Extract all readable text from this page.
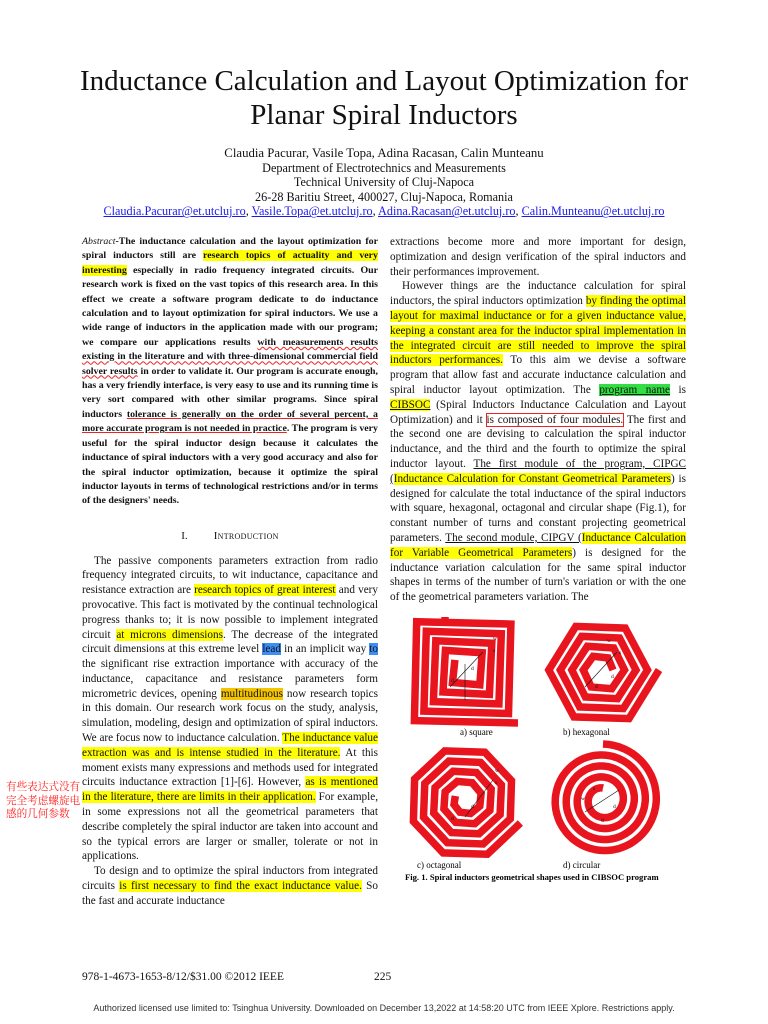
Inductance Calculation and Layout Optimization for Planar Spiral Inductors
Claudia Pacurar, Vasile Topa, Adina Racasan, Calin Munteanu
Department of Electrotechnics and Measurements
Technical University of Cluj-Napoca
26-28 Baritiu Street, 400027, Cluj-Napoca, Romania
Claudia.Pacurar@et.utcluj.ro, Vasile.Topa@et.utcluj.ro, Adina.Racasan@et.utcluj.ro, Calin.Munteanu@et.utcluj.ro

Abstract-The inductance calculation and the layout optimization for spiral inductors still are research topics of actuality and very interesting especially in radio frequency integrated circuits. Our research work is fixed on the vast topics of this research area. In this effect we create a software program dedicate to do inductance calculation and to layout optimization for spiral inductors. We use a wide range of inductors in the application made with our program; we compare our applications results with measurements results existing in the literature and with three-dimensional commercial field solver results in order to validate it. Our program is accurate enough, has a very friendly interface, is very easy to use and its running time is very sort compared with other similar programs. Since spiral inductors tolerance is generally on the order of several percent, a more accurate program is not needed in practice. The program is very useful for the spiral inductor design because it calculates the inductance of spiral inductors with a very good accuracy and also for the spiral inductor optimization, because it optimize the spiral inductor layouts in terms of technological restrictions and/or in terms of the designers' needs.

I. Introduction

The passive components parameters extraction from radio frequency integrated circuits, to wit inductance, capacitance and resistance extraction are research topics of great interest and very provocative. This fact is motivated by the continual technological progress thanks to; it is now possible to implement integrated circuit at microns dimensions. The decrease of the integrated circuit dimensions at this extreme level lead in an implicit way to the significant rise extraction importance with accuracy of the inductance, capacitance and resistance parameters form micrometric devices, opening multitudinous now research topics in this domain. Our research work focus on the study, analysis, simulation, modeling, design and optimization of spiral inductors. We are focus now to inductance calculation. The inductance value extraction was and is intense studied in the literature. At this moment exists many expressions and methods used for integrated circuits inductance extraction [1]-[6]. However, as is mentioned in the literature, there are limits in their application. For example, in some expressions not all the geometrical parameters that describe completely the spiral inductor are taken into account and so the typical errors are larger or smaller, tolerate or not in applications.

To design and to optimize the spiral inductors from integrated circuits is first necessary to find the exact inductance value. So the fast and accurate inductance

extractions become more and more important for design, optimization and design verification of the spiral inductors and their performances improvement.

However things are the inductance calculation for spiral inductors, the spiral inductors optimization by finding the optimal layout for maximal inductance or for a given inductance value, keeping a constant area for the inductor spiral implementation in the integrated circuit are still needed to improve the spiral inductors performances. To this aim we devise a software program that allow fast and accurate inductance calculation and spiral inductor layout optimization. The program name is CIBSOC (Spiral Inductors Inductance Calculation and Layout Optimization) and it is composed of four modules. The first and the second one are devising to calculation the spiral inductor inductance, and the third and the fourth to optimize the spiral inductor layout. The first module of the program, CIPGC (Inductance Calculation for Constant Geometrical Parameters) is designed for calculate the total inductance of the spiral inductors with square, hexagonal, octagonal and circular shape (Fig.1), for constant number of turns and constant projecting geometrical parameters. The second module, CIPGV (Inductance Calculation for Variable Geometrical Parameters) is designed for the inductance variation calculation for the same spiral inductor shapes in terms of the number of turn's variation or with the one of the geometrical parameters variation. The

w
s
d
d
w
s
d
d
w
s
d
d
w
s
d
d
a) square	b) hexagonal
c) octagonal	d) circular
Fig. 1. Spiral inductors geometrical shapes used in CIBSOC program
有些表达式没有完全考虑螺旋电感的几何参数
978-1-4673-1653-8/12/$31.00 ©2012 IEEE	225
Authorized licensed use limited to: Tsinghua University. Downloaded on December 13,2022 at 14:58:20 UTC from IEEE Xplore. Restrictions apply.
